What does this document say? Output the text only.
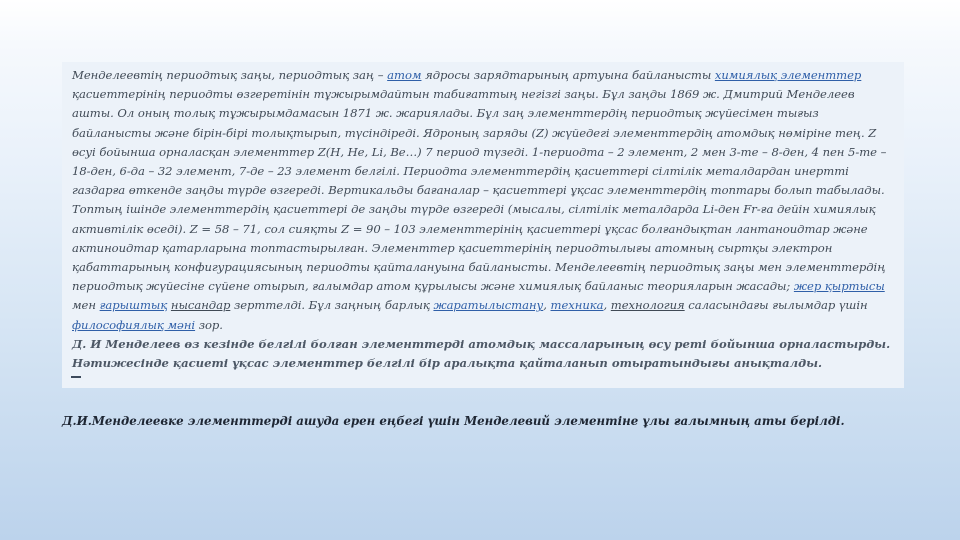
Менделеевтің периодтық заңы, периодтық заң – атом ядросы зарядтарының артуына байланысты химиялық элементтер қасиеттерінің периодты өзгеретінін тұжырымдайтын табиғаттың негізгі заңы. Бұл заңды 1869 ж. Дмитрий Менделеев ашты. Ол оның толық тұжырымдамасын 1871 ж. жариялады. Бұл заң элементтердің периодтық жүйесімен тығыз байланысты және бірін-бірі толықтырып, түсіндіреді. Ядроның заряды (Z) жүйедегі элементтердің атомдық нөміріне тең. Z өсуі бойынша орналасқан элементтер Z(H, He, Li, Be…) 7 период түзеді. 1-периодта – 2 элемент, 2 мен 3-те – 8-ден, 4 пен 5-те – 18-ден, 6-да – 32 элемент, 7-де – 23 элемент белгілі. Периодта элементтердің қасиеттері сілтілік металдардан инертті газдарға өткенде заңды түрде өзгереді. Вертикальды бағаналар – қасиеттері ұқсас элементтердің топтары болып табылады. Топтың ішінде элементтердің қасиеттері де заңды түрде өзгереді (мысалы, сілтілік металдарда Li-ден Fr-ға дейін химиялық активтілік өседі). Z = 58 – 71, сол сияқты Z = 90 – 103 элементтерінің қасиеттері ұқсас болғандықтан лантаноидтар және актиноидтар қатарларына топтастырылған. Элементтер қасиеттерінің периодтылығы атомның сыртқы электрон қабаттарының конфигурациясының периодты қайталануына байланысты. Менделеевтің периодтық заңы мен элементтердің периодтық жүйесіне сүйене отырып, ғалымдар атом құрылысы және химиялық байланыс теорияларын жасады; жер қыртысы мен ғарыштық нысандар зерттелді. Бұл заңның барлық жаратылыстану, техника, технология саласындағы ғылымдар үшін философиялық мәні зор.

Д. И Менделеев өз кезінде белгілі болған элементтерді атомдық массаларының өсу реті бойынша орналастырды. Нәтижесінде қасиеті ұқсас элементтер белгілі бір аралықта қайталанып отыратындығы анықталды.

Д.И.Менделеевке элементтерді ашуда ерен еңбегі үшін Менделевий элементіне ұлы ғалымның аты берілді.
